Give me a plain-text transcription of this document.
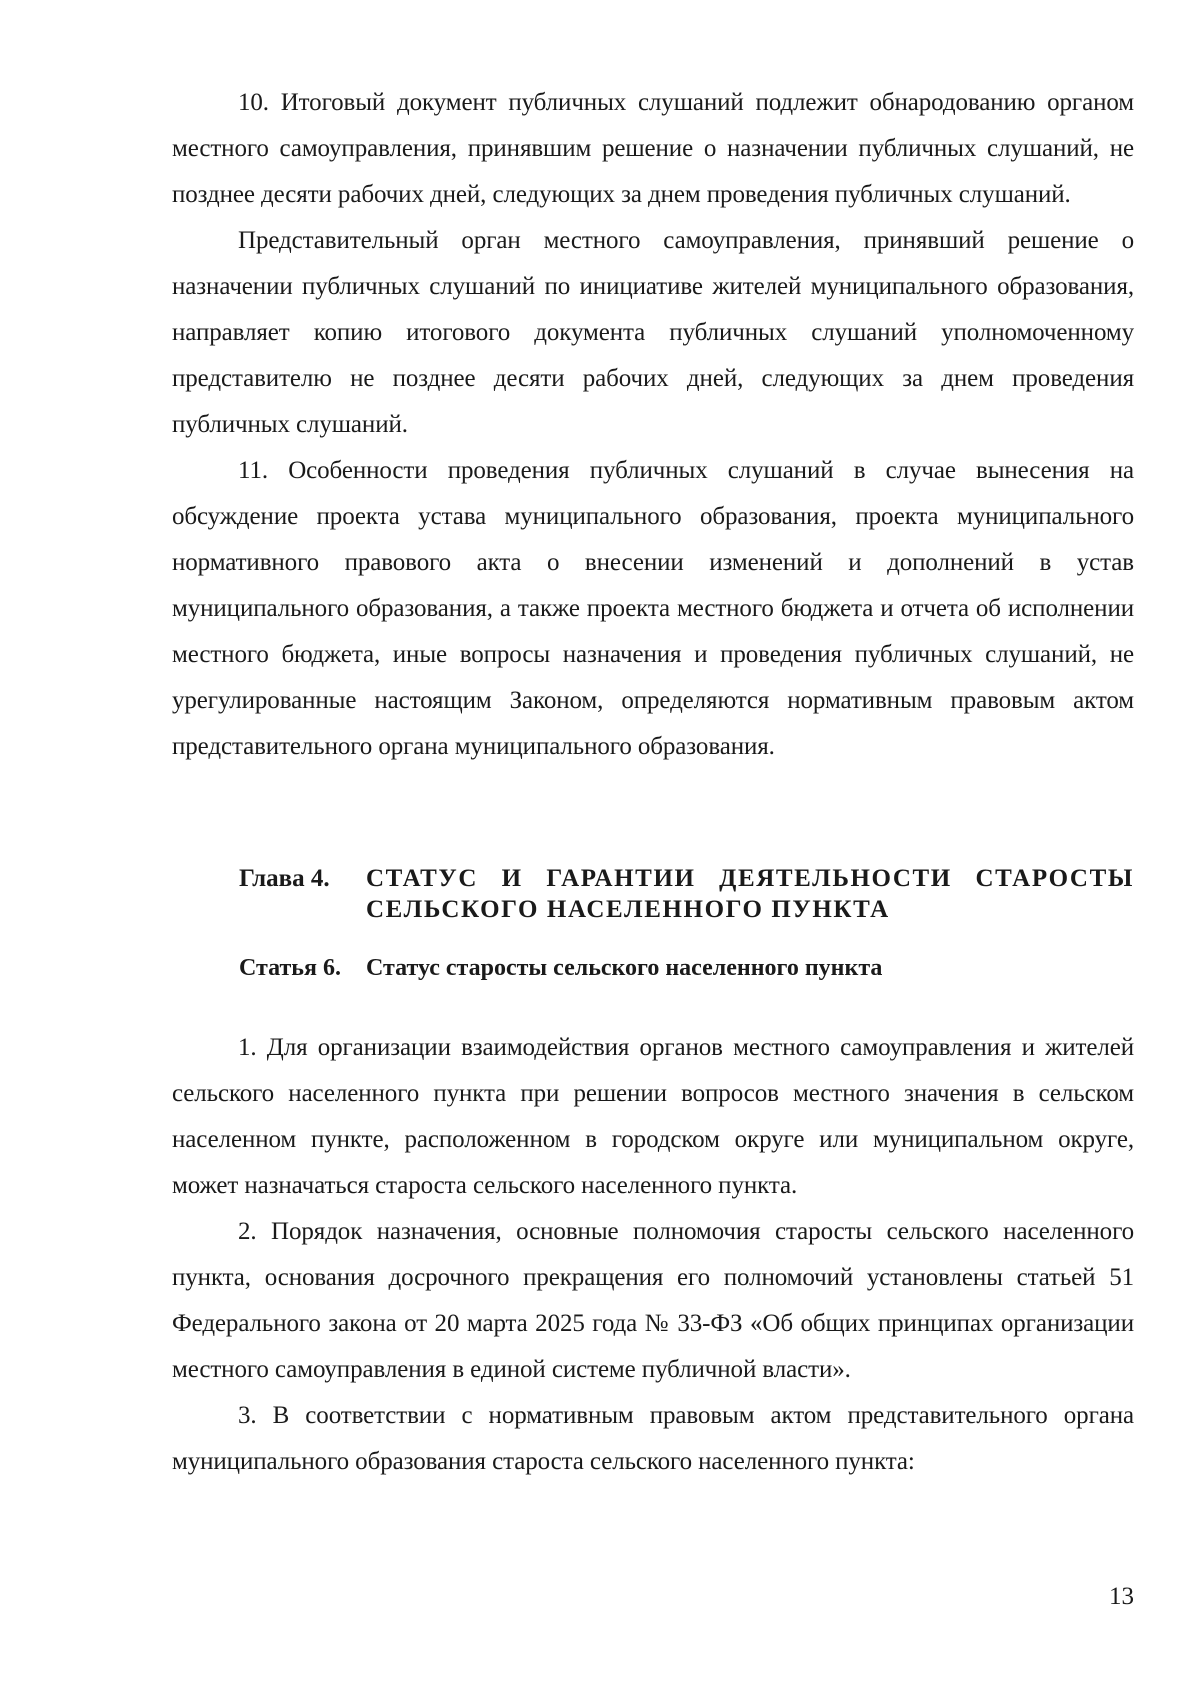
10. Итоговый документ публичных слушаний подлежит обнародованию органом местного самоуправления, принявшим решение о назначении публичных слушаний, не позднее десяти рабочих дней, следующих за днем проведения публичных слушаний.

Представительный орган местного самоуправления, принявший решение о назначении публичных слушаний по инициативе жителей муниципального образования, направляет копию итогового документа публичных слушаний уполномоченному представителю не позднее десяти рабочих дней, следующих за днем проведения публичных слушаний.

11. Особенности проведения публичных слушаний в случае вынесения на обсуждение проекта устава муниципального образования, проекта муниципального нормативного правового акта о внесении изменений и дополнений в устав муниципального образования, а также проекта местного бюджета и отчета об исполнении местного бюджета, иные вопросы назначения и проведения публичных слушаний, не урегулированные настоящим Законом, определяются нормативным правовым актом представительного органа муниципального образования.

Глава 4.	СТАТУС И ГАРАНТИИ ДЕЯТЕЛЬНОСТИ СТАРОСТЫ СЕЛЬСКОГО НАСЕЛЕННОГО ПУНКТА
Статья 6. Статус старосты сельского населенного пункта

1. Для организации взаимодействия органов местного самоуправления и жителей сельского населенного пункта при решении вопросов местного значения в сельском населенном пункте, расположенном в городском округе или муниципальном округе, может назначаться староста сельского населенного пункта.

2. Порядок назначения, основные полномочия старосты сельского населенного пункта, основания досрочного прекращения его полномочий установлены статьей 51 Федерального закона от 20 марта 2025 года № 33-ФЗ «Об общих принципах организации местного самоуправления в единой системе публичной власти».

3. В соответствии с нормативным правовым актом представительного органа муниципального образования староста сельского населенного пункта:

13
